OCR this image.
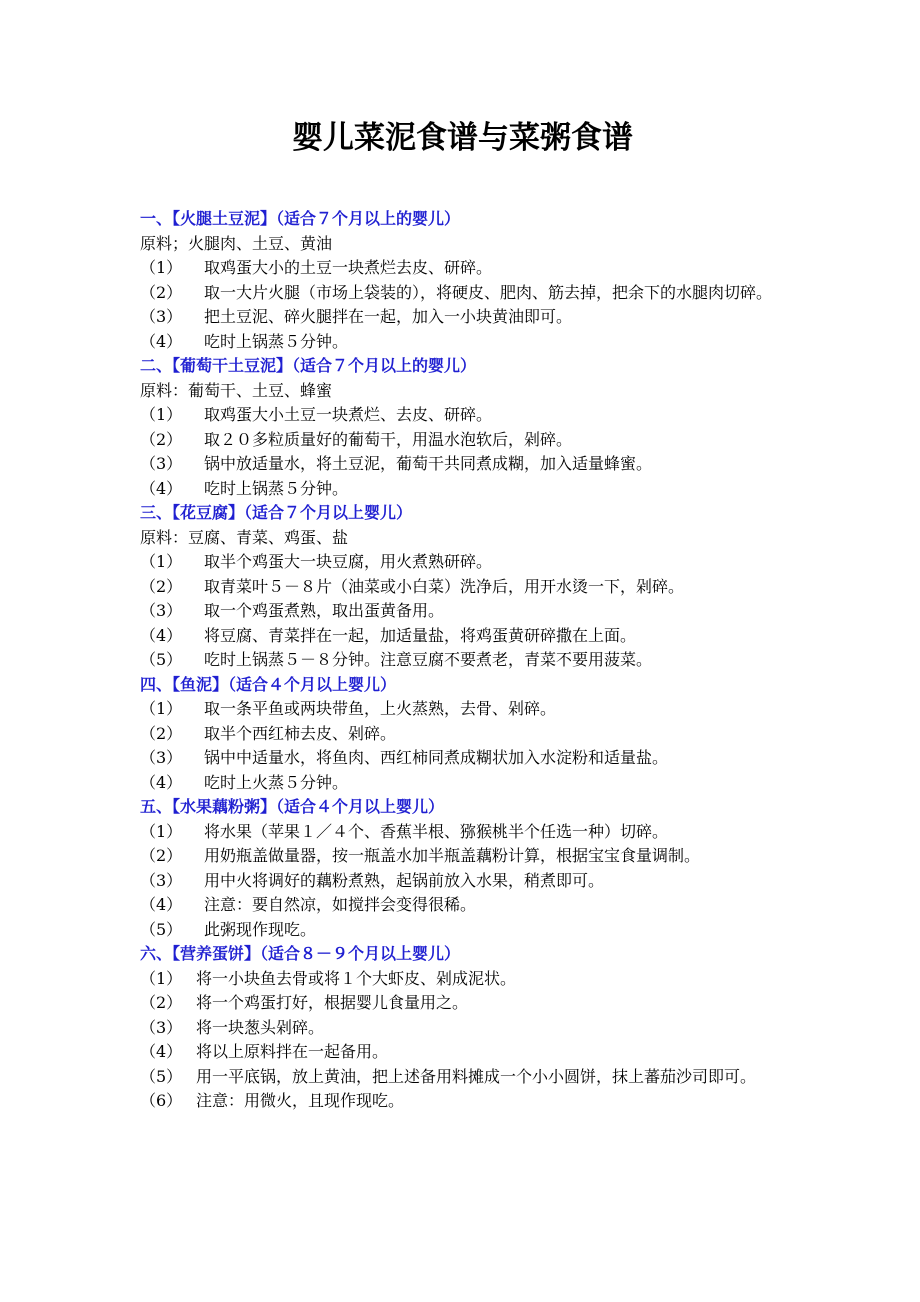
婴儿菜泥食谱与菜粥食谱
一、【火腿土豆泥】（适合７个月以上的婴儿）
原料；火腿肉、土豆、黄油
（1） 取鸡蛋大小的土豆一块煮烂去皮、研碎。
（2） 取一大片火腿（市场上袋装的），将硬皮、肥肉、筋去掉，把余下的水腿肉切碎。
（3） 把土豆泥、碎火腿拌在一起，加入一小块黄油即可。
（4） 吃时上锅蒸５分钟。
二、【葡萄干土豆泥】（适合７个月以上的婴儿）
原料：葡萄干、土豆、蜂蜜
（1） 取鸡蛋大小土豆一块煮烂、去皮、研碎。
（2） 取２０多粒质量好的葡萄干，用温水泡软后，剁碎。
（3） 锅中放适量水，将土豆泥，葡萄干共同煮成糊，加入适量蜂蜜。
（4） 吃时上锅蒸５分钟。
三、【花豆腐】（适合７个月以上婴儿）
原料：豆腐、青菜、鸡蛋、盐
（1） 取半个鸡蛋大一块豆腐，用火煮熟研碎。
（2） 取青菜叶５－８片（油菜或小白菜）洗净后，用开水烫一下，剁碎。
（3） 取一个鸡蛋煮熟，取出蛋黄备用。
（4） 将豆腐、青菜拌在一起，加适量盐，将鸡蛋黄研碎撒在上面。
（5） 吃时上锅蒸５－８分钟。注意豆腐不要煮老，青菜不要用菠菜。
四、【鱼泥】（适合４个月以上婴儿）
（1） 取一条平鱼或两块带鱼，上火蒸熟，去骨、剁碎。
（2） 取半个西红柿去皮、剁碎。
（3） 锅中中适量水，将鱼肉、西红柿同煮成糊状加入水淀粉和适量盐。
（4） 吃时上火蒸５分钟。
五、【水果藕粉粥】（适合４个月以上婴儿）
（1） 将水果（苹果１／４个、香蕉半根、猕猴桃半个任选一种）切碎。
（2） 用奶瓶盖做量器，按一瓶盖水加半瓶盖藕粉计算，根据宝宝食量调制。
（3） 用中火将调好的藕粉煮熟，起锅前放入水果，稍煮即可。
（4） 注意：要自然凉，如搅拌会变得很稀。
（5） 此粥现作现吃。
六、【营养蛋饼】（适合８－９个月以上婴儿）
（1） 将一小块鱼去骨或将１个大虾皮、剁成泥状。
（2） 将一个鸡蛋打好，根据婴儿食量用之。
（3） 将一块葱头剁碎。
（4） 将以上原料拌在一起备用。
（5） 用一平底锅，放上黄油，把上述备用料摊成一个小小圆饼，抹上蕃茄沙司即可。
（6） 注意：用微火，且现作现吃。
